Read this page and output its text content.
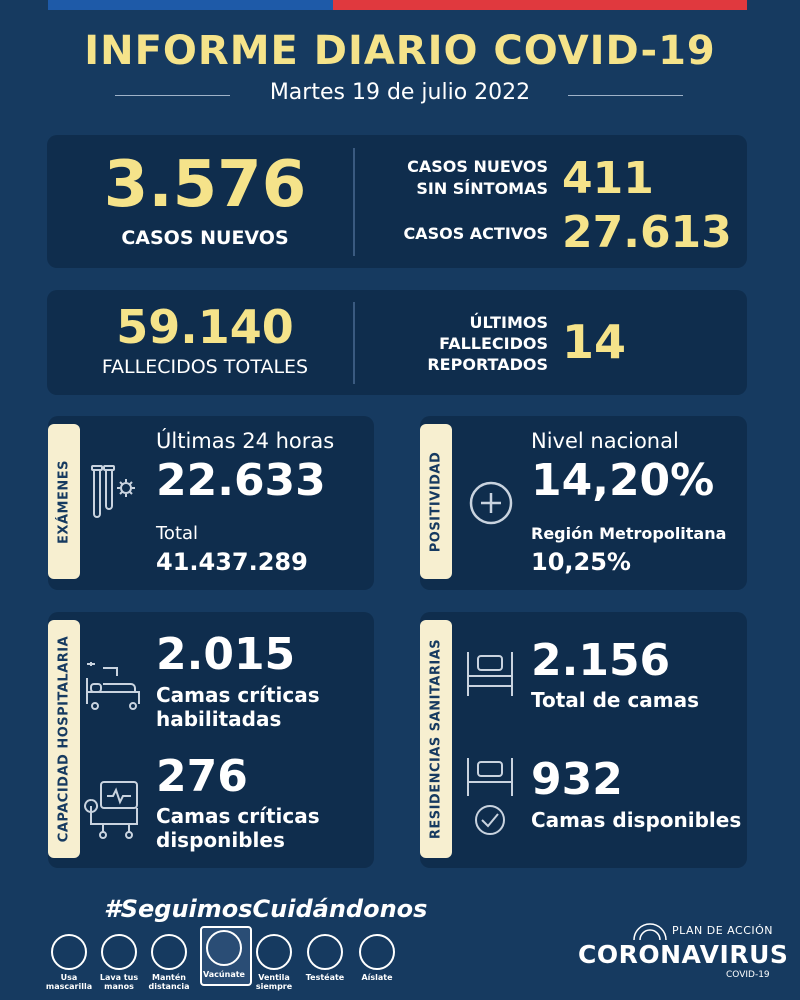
INFORME DIARIO COVID-19
Martes 19 de julio 2022
3.576
CASOS NUEVOS
CASOS NUEVOS
SIN SÍNTOMAS 411
CASOS ACTIVOS 27.613
59.140
FALLECIDOS TOTALES
ÚLTIMOS
FALLECIDOS
REPORTADOS 14
EXÁMENES
Últimas 24 horas
22.633
Total
41.437.289
POSITIVIDAD
Nivel nacional
14,20%
Región Metropolitana
10,25%
CAPACIDAD HOSPITALARIA 2.015
Camas críticas
habilitadas
276
Camas críticas
disponibles
RESIDENCIAS SANITARIAS 2.156
Total de camas
932
Camas disponibles
#SeguimosCuidándonos
Usa
mascarilla
Lava tus
manos
Mantén
distancia
Vacúnate	Ventila
siempre
Testéate	Aíslate
PLAN DE ACCIÓN
CORONAVIRUS
COVID-19
